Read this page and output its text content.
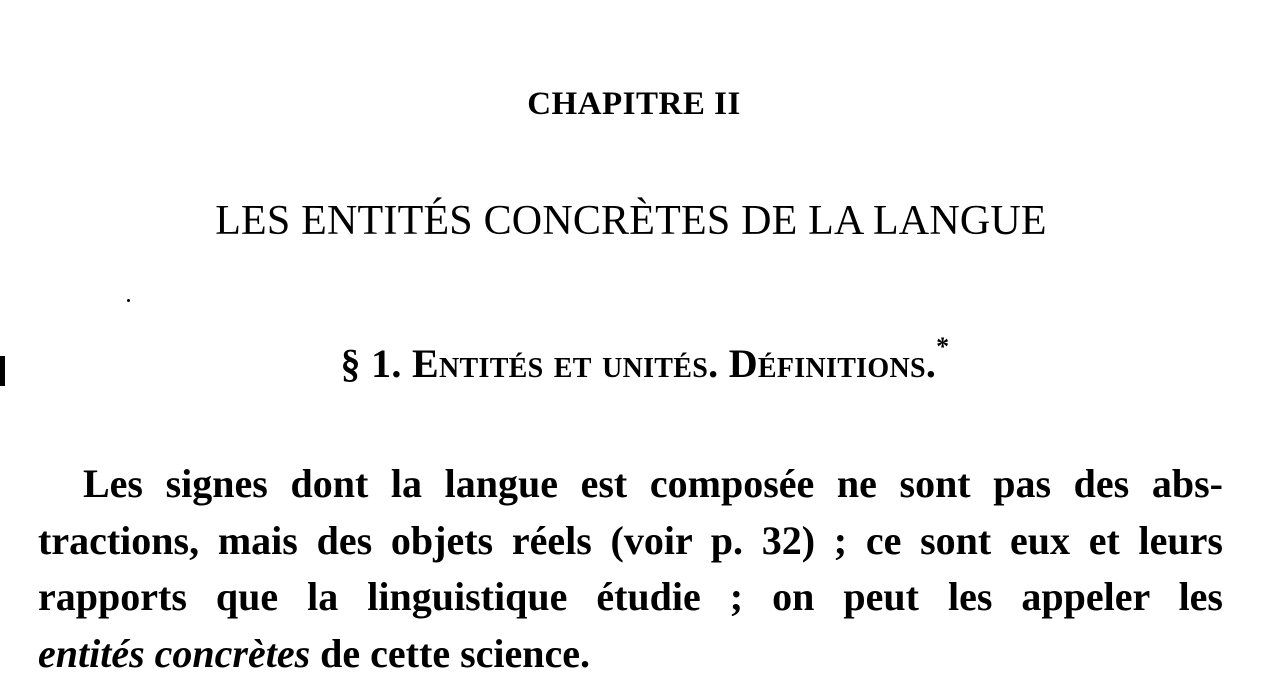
CHAPITRE II
LES ENTITÉS CONCRÈTES DE LA LANGUE
§ 1. Entités et unités. Définitions.*
Les signes dont la langue est composée ne sont pas des abs-
tractions, mais des objets réels (voir p. 32) ; ce sont eux et leurs
rapports que la linguistique étudie ; on peut les appeler les
entités concrètes de cette science.
